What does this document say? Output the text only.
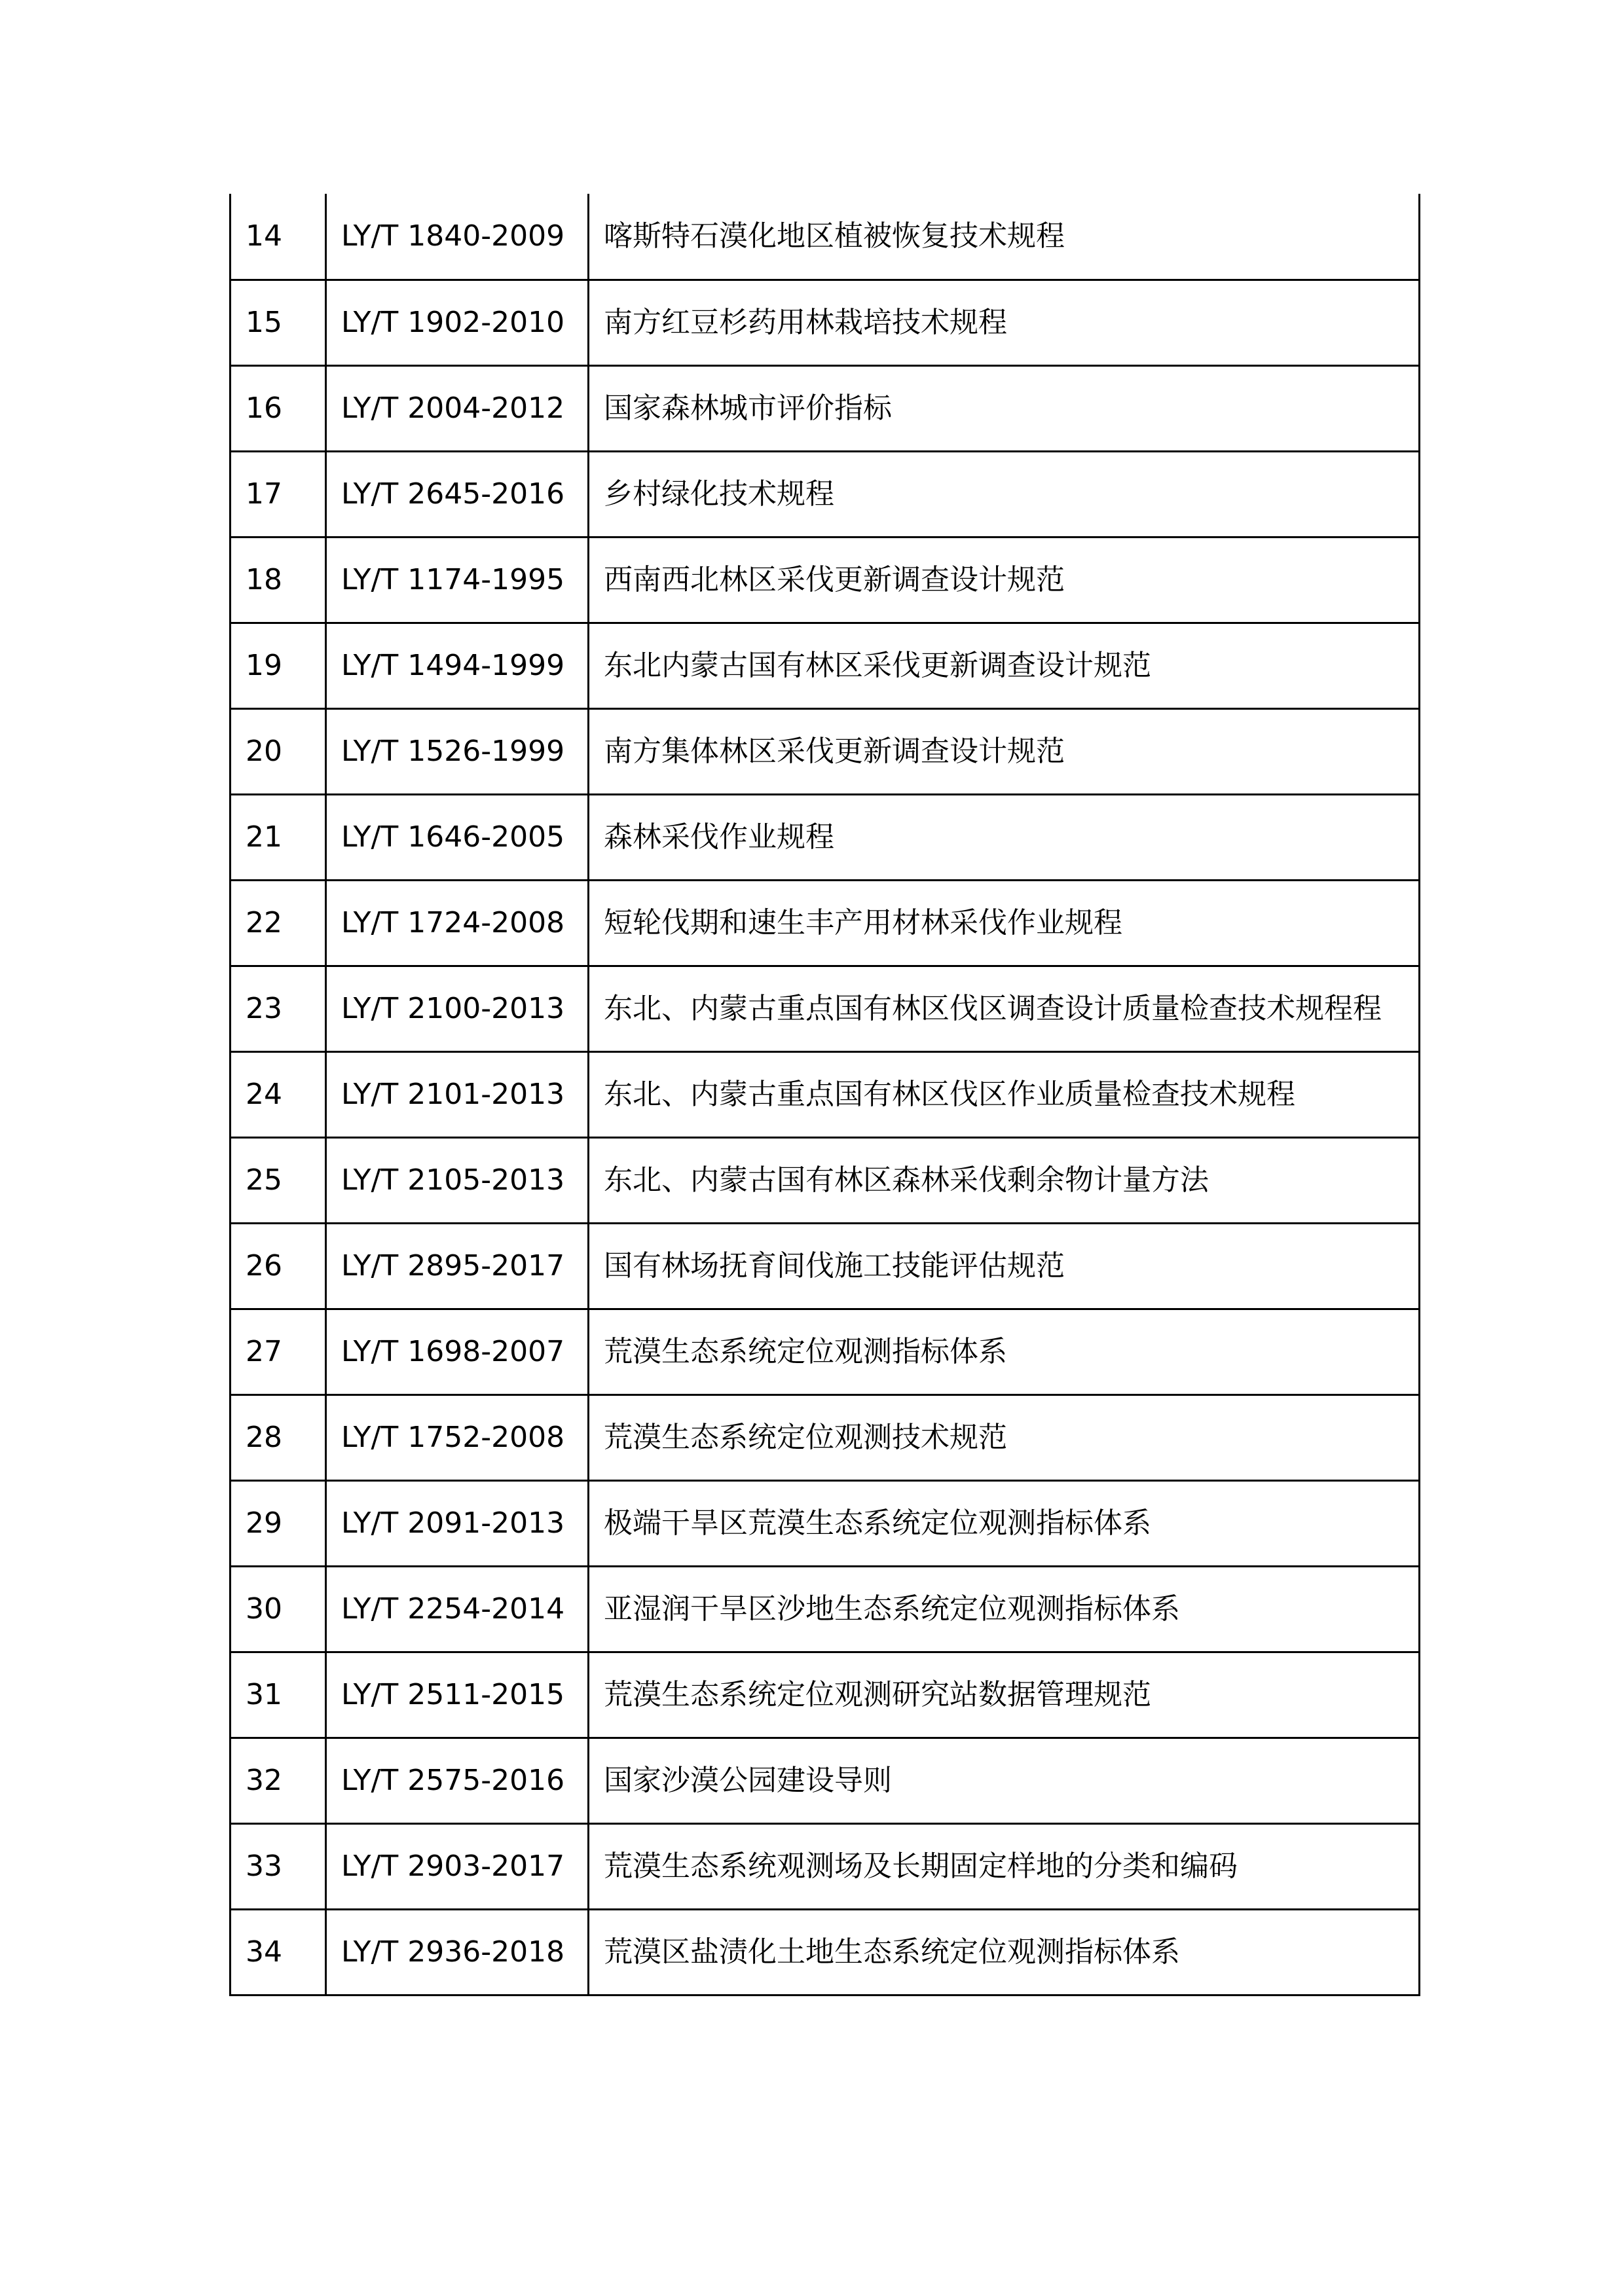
14	LY/T 1840-2009	喀斯特石漠化地区植被恢复技术规程
15	LY/T 1902-2010	南方红豆杉药用林栽培技术规程
16	LY/T 2004-2012	国家森林城市评价指标
17	LY/T 2645-2016	乡村绿化技术规程
18	LY/T 1174-1995	西南西北林区采伐更新调查设计规范
19	LY/T 1494-1999	东北内蒙古国有林区采伐更新调查设计规范
20	LY/T 1526-1999	南方集体林区采伐更新调查设计规范
21	LY/T 1646-2005	森林采伐作业规程
22	LY/T 1724-2008	短轮伐期和速生丰产用材林采伐作业规程
23	LY/T 2100-2013	东北、内蒙古重点国有林区伐区调查设计质量检查技术规程程
24	LY/T 2101-2013	东北、内蒙古重点国有林区伐区作业质量检查技术规程
25	LY/T 2105-2013	东北、内蒙古国有林区森林采伐剩余物计量方法
26	LY/T 2895-2017	国有林场抚育间伐施工技能评估规范
27	LY/T 1698-2007	荒漠生态系统定位观测指标体系
28	LY/T 1752-2008	荒漠生态系统定位观测技术规范
29	LY/T 2091-2013	极端干旱区荒漠生态系统定位观测指标体系
30	LY/T 2254-2014	亚湿润干旱区沙地生态系统定位观测指标体系
31	LY/T 2511-2015	荒漠生态系统定位观测研究站数据管理规范
32	LY/T 2575-2016	国家沙漠公园建设导则
33	LY/T 2903-2017	荒漠生态系统观测场及长期固定样地的分类和编码
34	LY/T 2936-2018	荒漠区盐渍化土地生态系统定位观测指标体系
